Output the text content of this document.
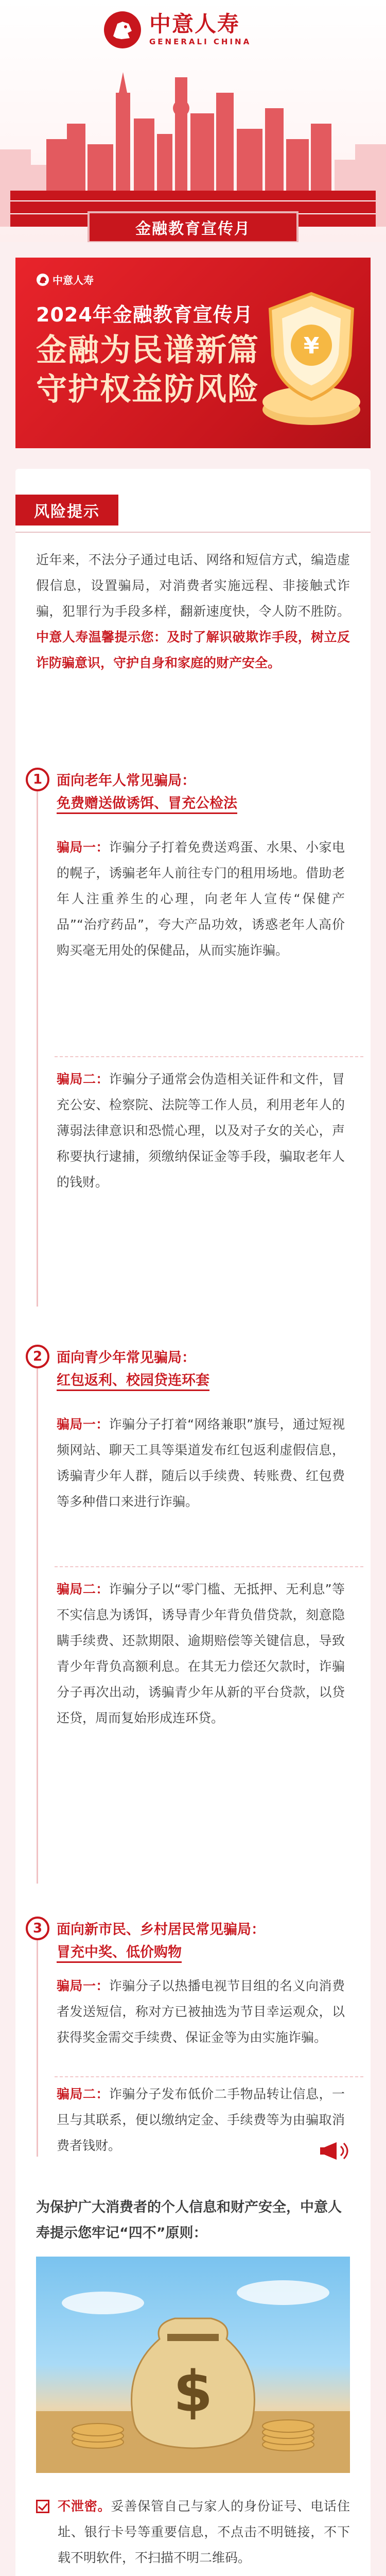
中意人寿
GENERALI CHINA
金融教育宣传月
中意人寿
2024年金融教育宣传月
金融为民谱新篇
守护权益防风险
¥
风险提示
近年来，不法分子通过电话、网络和短信方式，编造虚假信息，设置骗局，对消费者实施远程、非接触式诈骗，犯罪行为手段多样，翻新速度快，令人防不胜防。中意人寿温馨提示您：及时了解识破欺诈手段，树立反诈防骗意识，守护自身和家庭的财产安全。
1	面向老年人常见骗局：
免费赠送做诱饵、冒充公检法
骗局一：诈骗分子打着免费送鸡蛋、水果、小家电的幌子，诱骗老年人前往专门的租用场地。借助老年人注重养生的心理，向老年人宣传“保健产品”“治疗药品”，夸大产品功效，诱惑老年人高价购买毫无用处的保健品，从而实施诈骗。
骗局二：诈骗分子通常会伪造相关证件和文件，冒充公安、检察院、法院等工作人员，利用老年人的薄弱法律意识和恐慌心理，以及对子女的关心，声称要执行逮捕，须缴纳保证金等手段，骗取老年人的钱财。
2	面向青少年常见骗局：
红包返利、校园贷连环套
骗局一：诈骗分子打着“网络兼职”旗号，通过短视频网站、聊天工具等渠道发布红包返利虚假信息，诱骗青少年人群，随后以手续费、转账费、红包费等多种借口来进行诈骗。
骗局二：诈骗分子以“零门槛、无抵押、无利息”等不实信息为诱饵，诱导青少年背负借贷款，刻意隐瞒手续费、还款期限、逾期赔偿等关键信息，导致青少年背负高额利息。在其无力偿还欠款时，诈骗分子再次出动，诱骗青少年从新的平台贷款，以贷还贷，周而复始形成连环贷。
3	面向新市民、乡村居民常见骗局：
冒充中奖、低价购物
骗局一：诈骗分子以热播电视节目组的名义向消费者发送短信，称对方已被抽选为节目幸运观众，以获得奖金需交手续费、保证金等为由实施诈骗。
骗局二：诈骗分子发布低价二手物品转让信息，一旦与其联系，便以缴纳定金、手续费等为由骗取消费者钱财。
为保护广大消费者的个人信息和财产安全，中意人寿提示您牢记“四不”原则：
$
不泄密。妥善保管自己与家人的身份证号、电话住址、银行卡号等重要信息，不点击不明链接，不下载不明软件，不扫描不明二维码。
